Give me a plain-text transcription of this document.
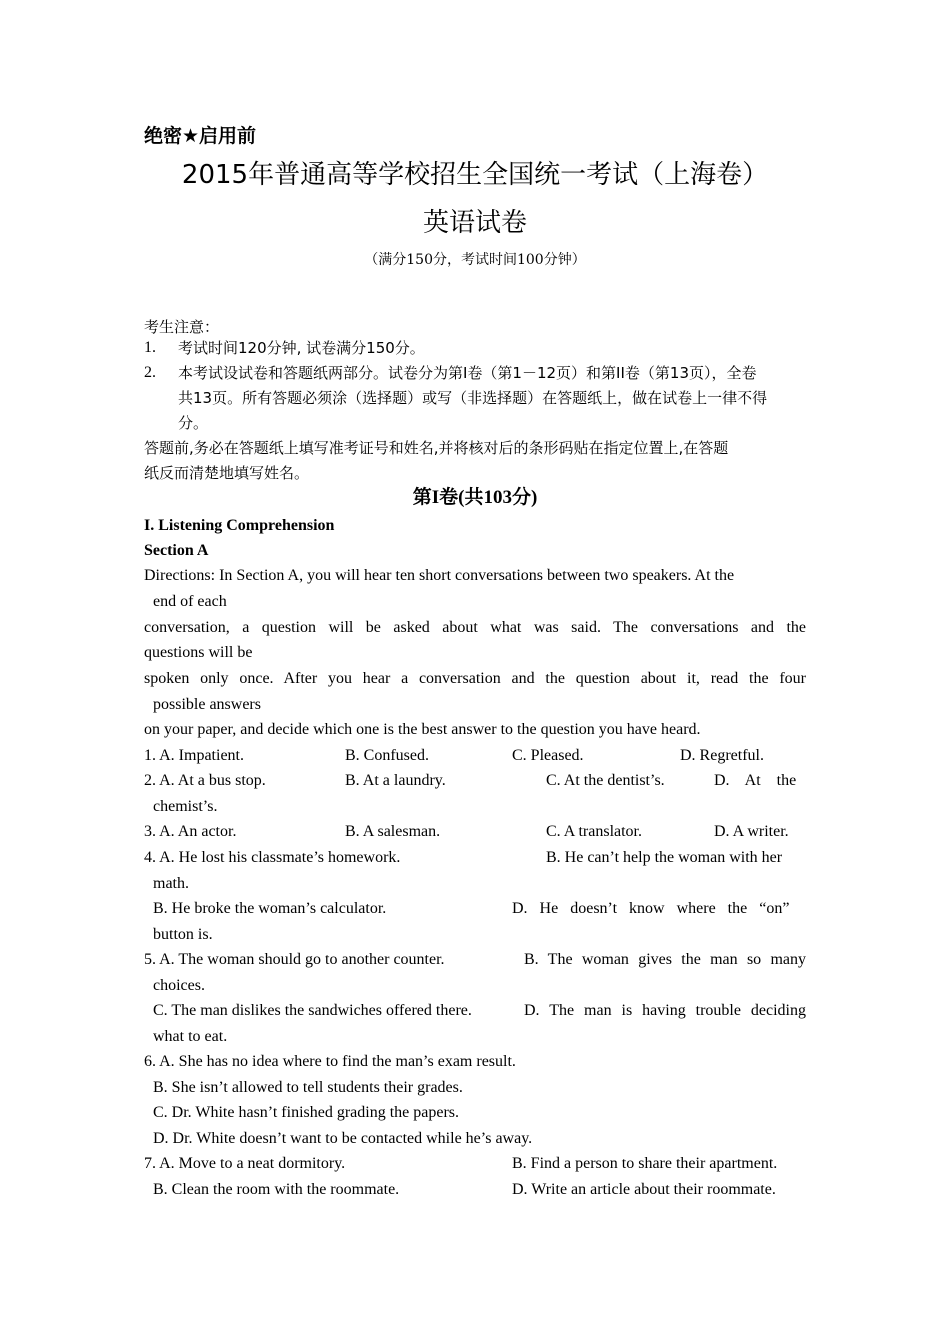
绝密★启用前
2015年普通高等学校招生全国统一考试（上海卷）
英语试卷
（满分150分，考试时间100分钟）
考生注意：
1. 考试时间120分钟, 试卷满分150分。
2. 本考试设试卷和答题纸两部分。试卷分为第I卷（第1－12页）和第II卷（第13页），全卷
共13页。所有答题必须涂（选择题）或写（非选择题）在答题纸上，做在试卷上一律不得
分。
答题前,务必在答题纸上填写准考证号和姓名,并将核对后的条形码贴在指定位置上,在答题
纸反而清楚地填写姓名。
第I卷(共103分)
I. Listening Comprehension
Section A
Directions: In Section A, you will hear ten short conversations between two speakers. At the
end of each
conversation, a question will be asked about what was said. The conversations and the
questions will be
spoken only once. After you hear a conversation and the question about it, read the four
possible answers
on your paper, and decide which one is the best answer to the question you have heard.
1. A. Impatient.	B. Confused.	C. Pleased.	D. Regretful.
2. A. At a bus stop.	B. At a laundry.	C. At the dentist’s.	D.    At    the
chemist’s.
3. A. An actor.	B. A salesman.	C. A translator.	D. A writer.
4. A. He lost his classmate’s homework.	B. He can’t help the woman with her
math.
B. He broke the woman’s calculator.	D.   He   doesn’t   know   where   the   “on”
button is.
5. A. The woman should go to another counter.	B. The woman gives the man so many
choices.
C. The man dislikes the sandwiches offered there.	D. The man is having trouble deciding
what to eat.
6. A. She has no idea where to find the man’s exam result.
B. She isn’t allowed to tell students their grades.
C. Dr. White hasn’t finished grading the papers.
D. Dr. White doesn’t want to be contacted while he’s away.
7. A. Move to a neat dormitory.	B. Find a person to share their apartment.
B. Clean the room with the roommate.	D. Write an article about their roommate.
